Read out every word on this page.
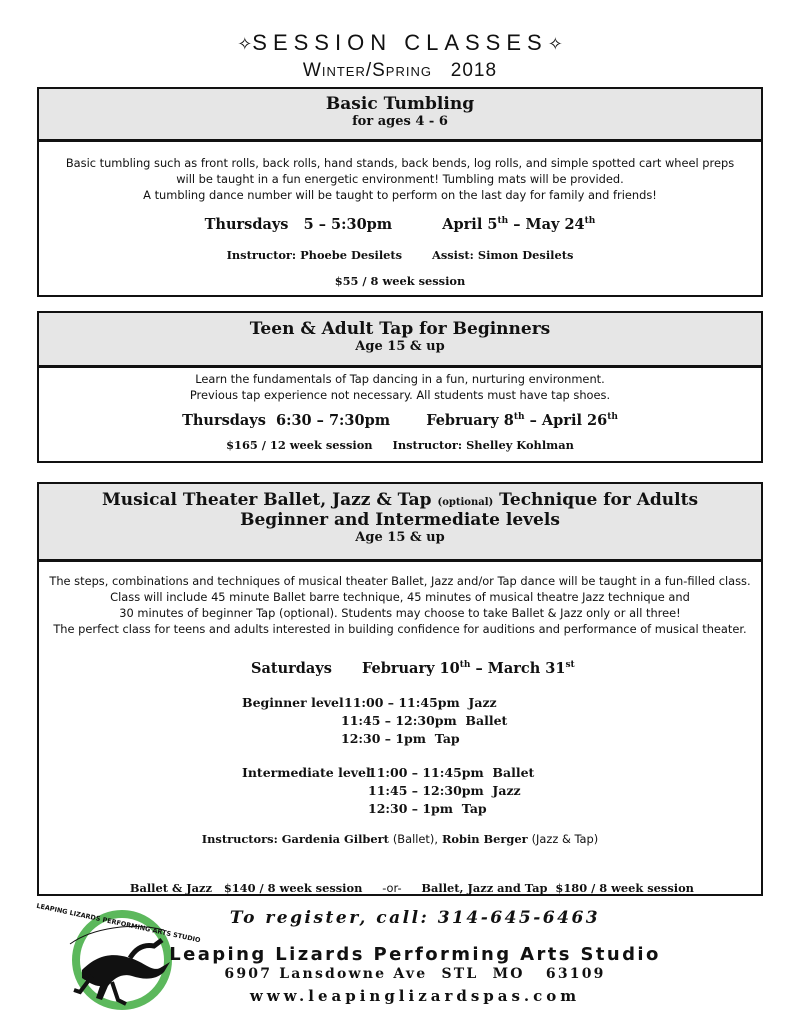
✧SESSION CLASSES✧
Winter/Spring   2018
Basic Tumbling
for ages 4 - 6
Basic tumbling such as front rolls, back rolls, hand stands, back bends, log rolls, and simple spotted cart wheel preps
will be taught in a fun energetic environment! Tumbling mats will be provided.
A tumbling dance number will be taught to perform on the last day for family and friends!
Thursdays 5 – 5:30pm	April 5th – May 24th
Instructor: Phoebe Desilets	Assist: Simon Desilets
$55 / 8 week session
Teen & Adult Tap for Beginners
Age 15 & up
Learn the fundamentals of Tap dancing in a fun, nurturing environment.
Previous tap experience not necessary. All students must have tap shoes.
Thursdays 6:30 – 7:30pm February 8th – April 26th
$165 / 12 week session Instructor: Shelley Kohlman
Musical Theater Ballet, Jazz & Tap (optional) Technique for Adults
Beginner and Intermediate levels
Age 15 & up
The steps, combinations and techniques of musical theater Ballet, Jazz and/or Tap dance will be taught in a fun-filled class.
Class will include 45 minute Ballet barre technique, 45 minutes of musical theatre Jazz technique and
30 minutes of beginner Tap (optional). Students may choose to take Ballet & Jazz only or all three!
The perfect class for teens and adults interested in building confidence for auditions and performance of musical theater.
Saturdays February 10th – March 31st
Beginner level 11:00 – 11:45pm  Jazz
11:45 – 12:30pm  Ballet
12:30 – 1pm  Tap
Intermediate level
11:00 – 11:45pm  Ballet
11:45 – 12:30pm  Jazz
12:30 – 1pm  Tap
Instructors: Gardenia Gilbert (Ballet), Robin Berger (Jazz & Tap)

Ballet & Jazz   $140 / 8 week session -or- Ballet, Jazz and Tap  $180 / 8 week session

LEAPING LIZARDS PERFORMING ARTS STUDIO	To register, call: 314-645-6463
Leaping Lizards Performing Arts Studio
6907 Lansdowne Ave  STL  MO   63109
www.leapinglizardspas.com
